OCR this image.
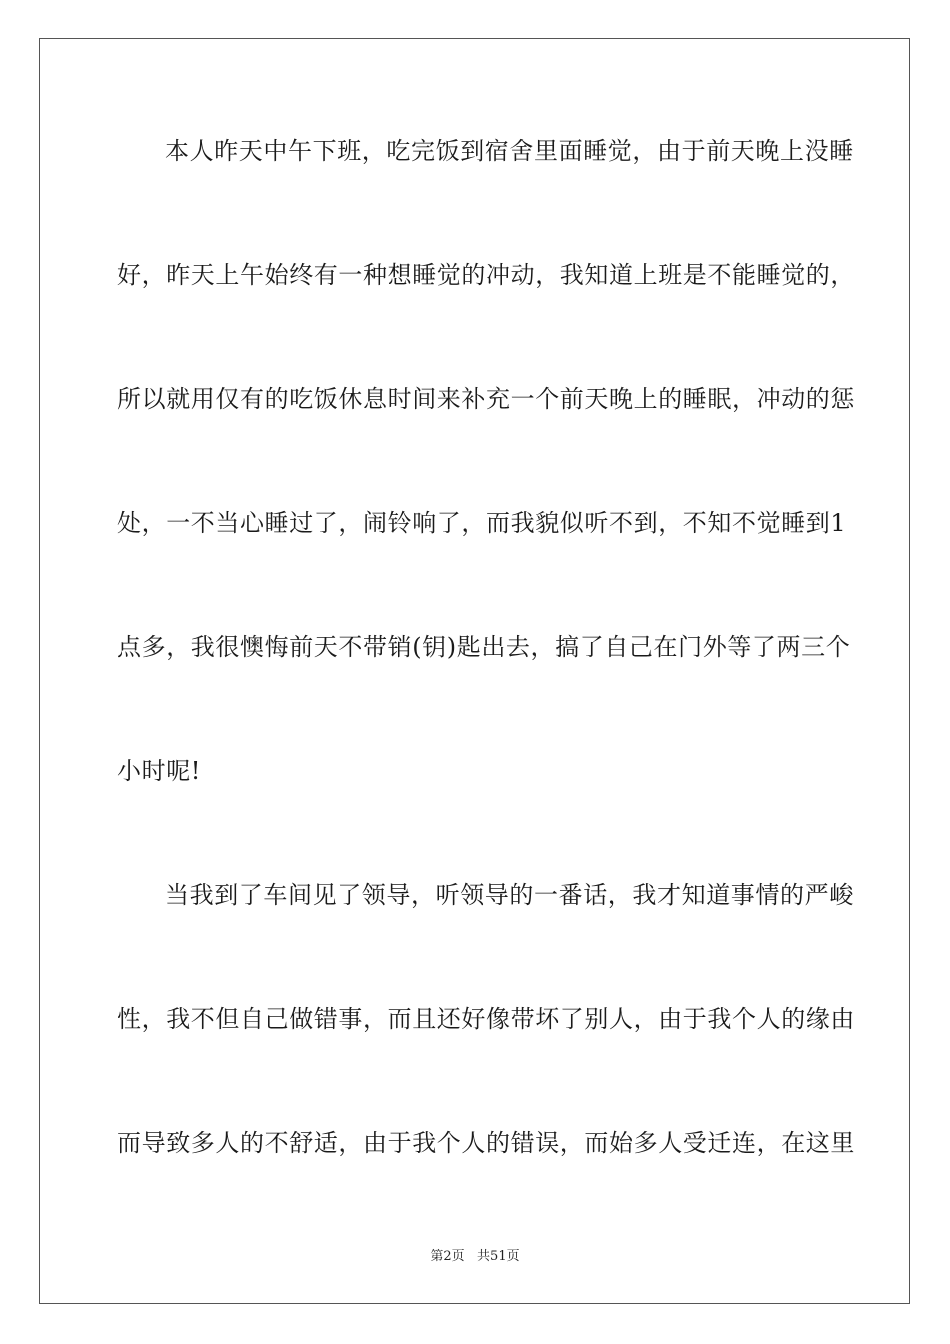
本人昨天中午下班，吃完饭到宿舍里面睡觉，由于前天晚上没睡
好，昨天上午始终有一种想睡觉的冲动，我知道上班是不能睡觉的，
所以就用仅有的吃饭休息时间来补充一个前天晚上的睡眠，冲动的惩
处，一不当心睡过了，闹铃响了，而我貌似听不到，不知不觉睡到1
点多，我很懊悔前天不带销(钥)匙出去，搞了自己在门外等了两三个
小时呢!
当我到了车间见了领导，听领导的一番话，我才知道事情的严峻
性，我不但自己做错事，而且还好像带坏了别人，由于我个人的缘由
而导致多人的不舒适，由于我个人的错误，而始多人受迁连，在这里
第2页   共51页
